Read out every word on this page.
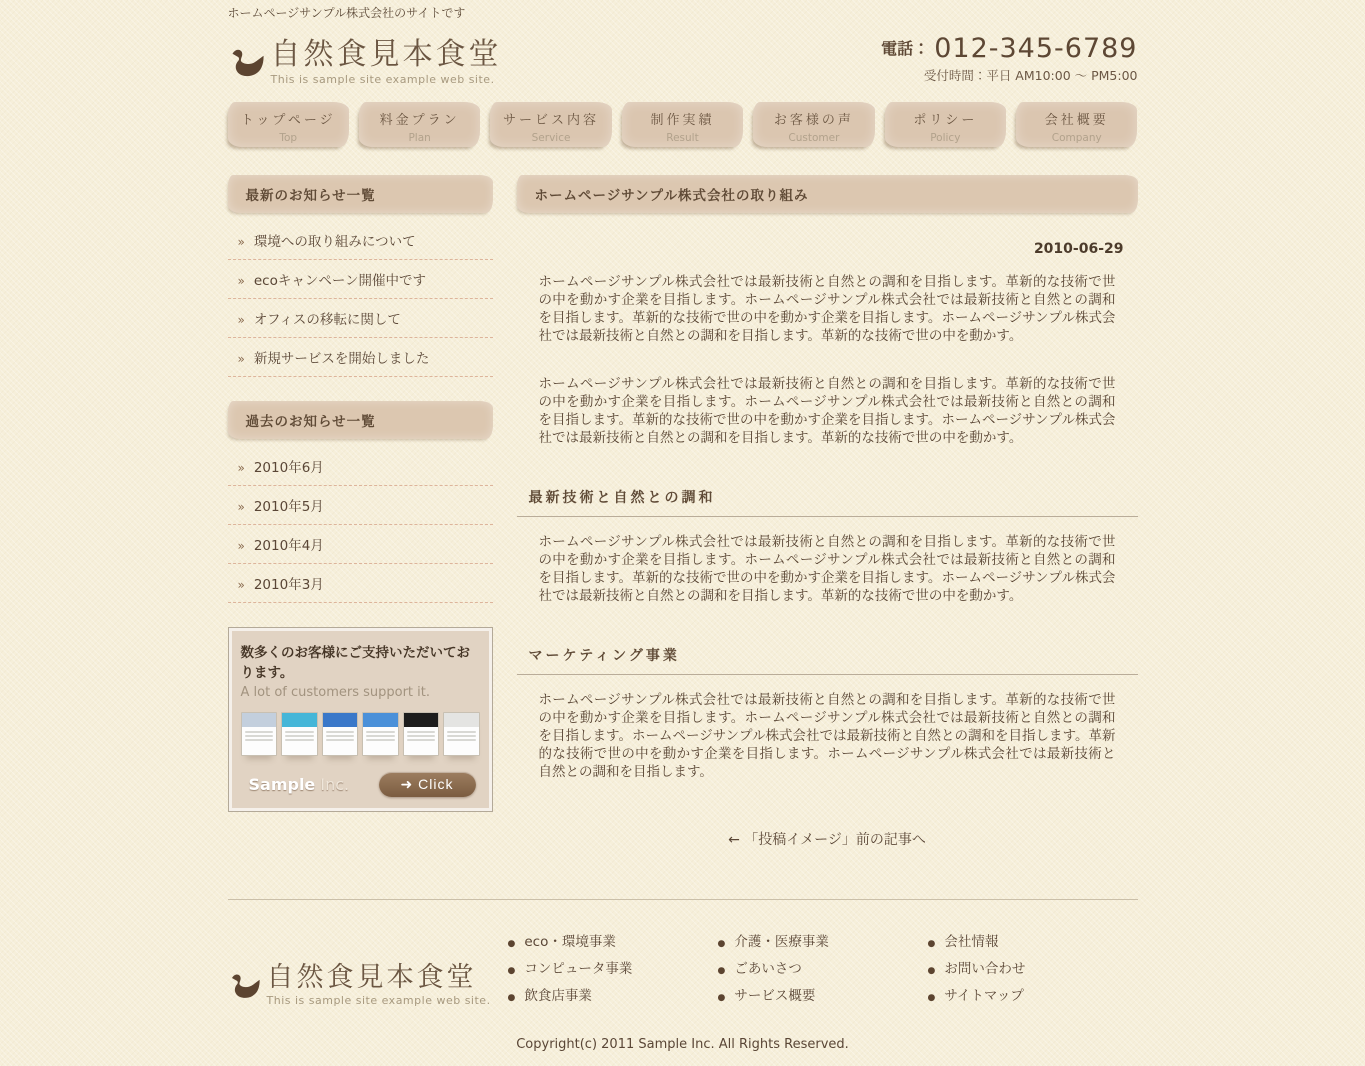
ホームページサンプル株式会社のサイトです
自然食見本食堂
This is sample site example web site.
電話： 012-345-6789
受付時間：平日 AM10:00 ～ PM5:00
トップページ
Top
料金プラン
Plan
サービス内容
Service
制作実績
Result
お客様の声
Customer
ポリシー
Policy
会社概要
Company
最新のお知らせ一覧
» 環境への取り組みについて
» ecoキャンペーン開催中です
» オフィスの移転に関して
» 新規サービスを開始しました
過去のお知らせ一覧
» 2010年6月
» 2010年5月
» 2010年4月
» 2010年3月
数多くのお客様にご支持いただいております。
A lot of customers support it.
Sample Inc.	➜ Click
ホームページサンプル株式会社の取り組み
2010-06-29

ホームページサンプル株式会社では最新技術と自然との調和を目指します。革新的な技術で世の中を動かす企業を目指します。ホームページサンプル株式会社では最新技術と自然との調和を目指します。革新的な技術で世の中を動かす企業を目指します。ホームページサンプル株式会社では最新技術と自然との調和を目指します。革新的な技術で世の中を動かす。

ホームページサンプル株式会社では最新技術と自然との調和を目指します。革新的な技術で世の中を動かす企業を目指します。ホームページサンプル株式会社では最新技術と自然との調和を目指します。革新的な技術で世の中を動かす企業を目指します。ホームページサンプル株式会社では最新技術と自然との調和を目指します。革新的な技術で世の中を動かす。

最新技術と自然との調和

ホームページサンプル株式会社では最新技術と自然との調和を目指します。革新的な技術で世の中を動かす企業を目指します。ホームページサンプル株式会社では最新技術と自然との調和を目指します。革新的な技術で世の中を動かす企業を目指します。ホームページサンプル株式会社では最新技術と自然との調和を目指します。革新的な技術で世の中を動かす。

マーケティング事業

ホームページサンプル株式会社では最新技術と自然との調和を目指します。革新的な技術で世の中を動かす企業を目指します。ホームページサンプル株式会社では最新技術と自然との調和を目指します。ホームページサンプル株式会社では最新技術と自然との調和を目指します。革新的な技術で世の中を動かす企業を目指します。ホームページサンプル株式会社では最新技術と自然との調和を目指します。

← 「投稿イメージ」前の記事へ
自然食見本食堂
This is sample site example web site.
● eco・環境事業
● コンピュータ事業
● 飲食店事業
● 介護・医療事業
● ごあいさつ
● サービス概要
● 会社情報
● お問い合わせ
● サイトマップ
Copyright(c) 2011 Sample Inc. All Rights Reserved.
